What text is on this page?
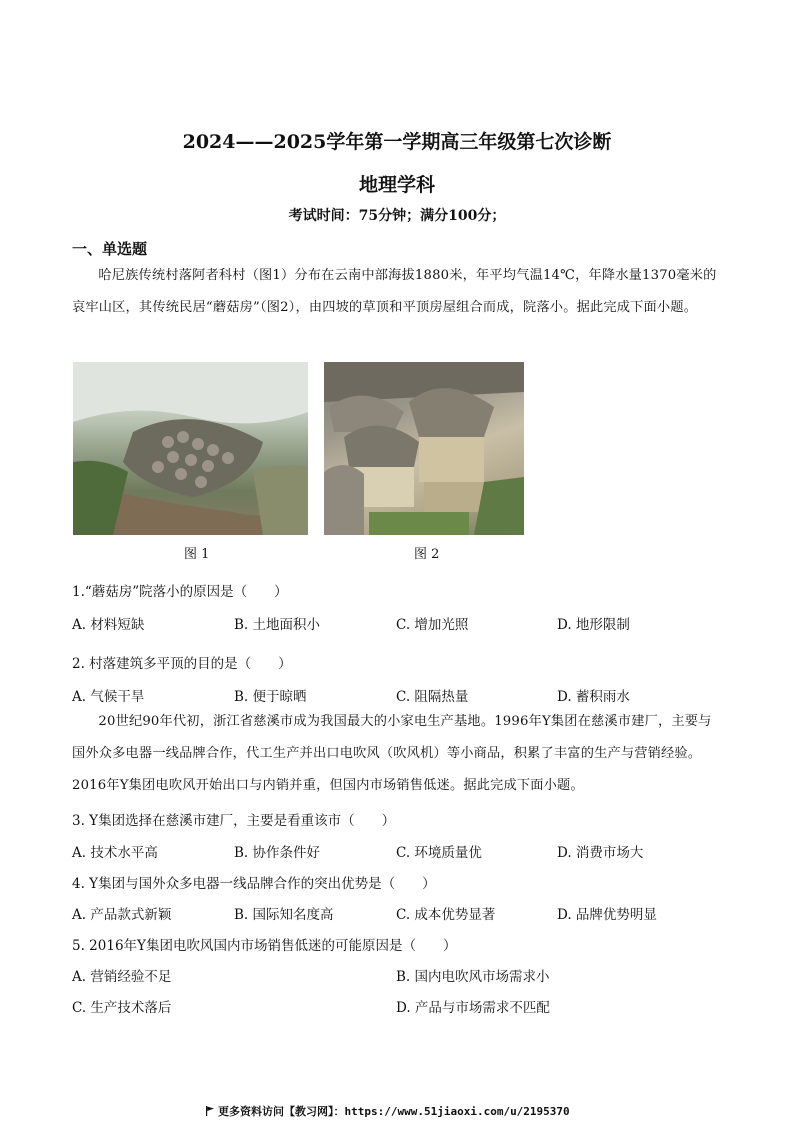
2024——2025学年第一学期高三年级第七次诊断
地理学科
考试时间：75分钟；满分100分；
一、单选题
哈尼族传统村落阿者科村（图1）分布在云南中部海拔1880米，年平均气温14℃，年降水量1370毫米的哀牢山区，其传统民居“蘑菇房”（图2），由四坡的草顶和平顶房屋组合而成，院落小。据此完成下面小题。
图 1	图 2
1.“蘑菇房”院落小的原因是（　　）
A. 材料短缺	B. 土地面积小	C. 增加光照	D. 地形限制
2. 村落建筑多平顶的目的是（　　）
A. 气候干旱	B. 便于晾晒	C. 阻隔热量	D. 蓄积雨水
20世纪90年代初，浙江省慈溪市成为我国最大的小家电生产基地。1996年Y集团在慈溪市建厂，主要与国外众多电器一线品牌合作，代工生产并出口电吹风（吹风机）等小商品，积累了丰富的生产与营销经验。2016年Y集团电吹风开始出口与内销并重，但国内市场销售低迷。据此完成下面小题。
3. Y集团选择在慈溪市建厂，主要是看重该市（　　）
A. 技术水平高	B. 协作条件好	C. 环境质量优	D. 消费市场大
4. Y集团与国外众多电器一线品牌合作的突出优势是（　　）
A. 产品款式新颖	B. 国际知名度高	C. 成本优势显著	D. 品牌优势明显
5. 2016年Y集团电吹风国内市场销售低迷的可能原因是（　　）
A. 营销经验不足	B. 国内电吹风市场需求小
C. 生产技术落后	D. 产品与市场需求不匹配
更多资料访问【教习网】：https://www.51jiaoxi.com/u/2195370
